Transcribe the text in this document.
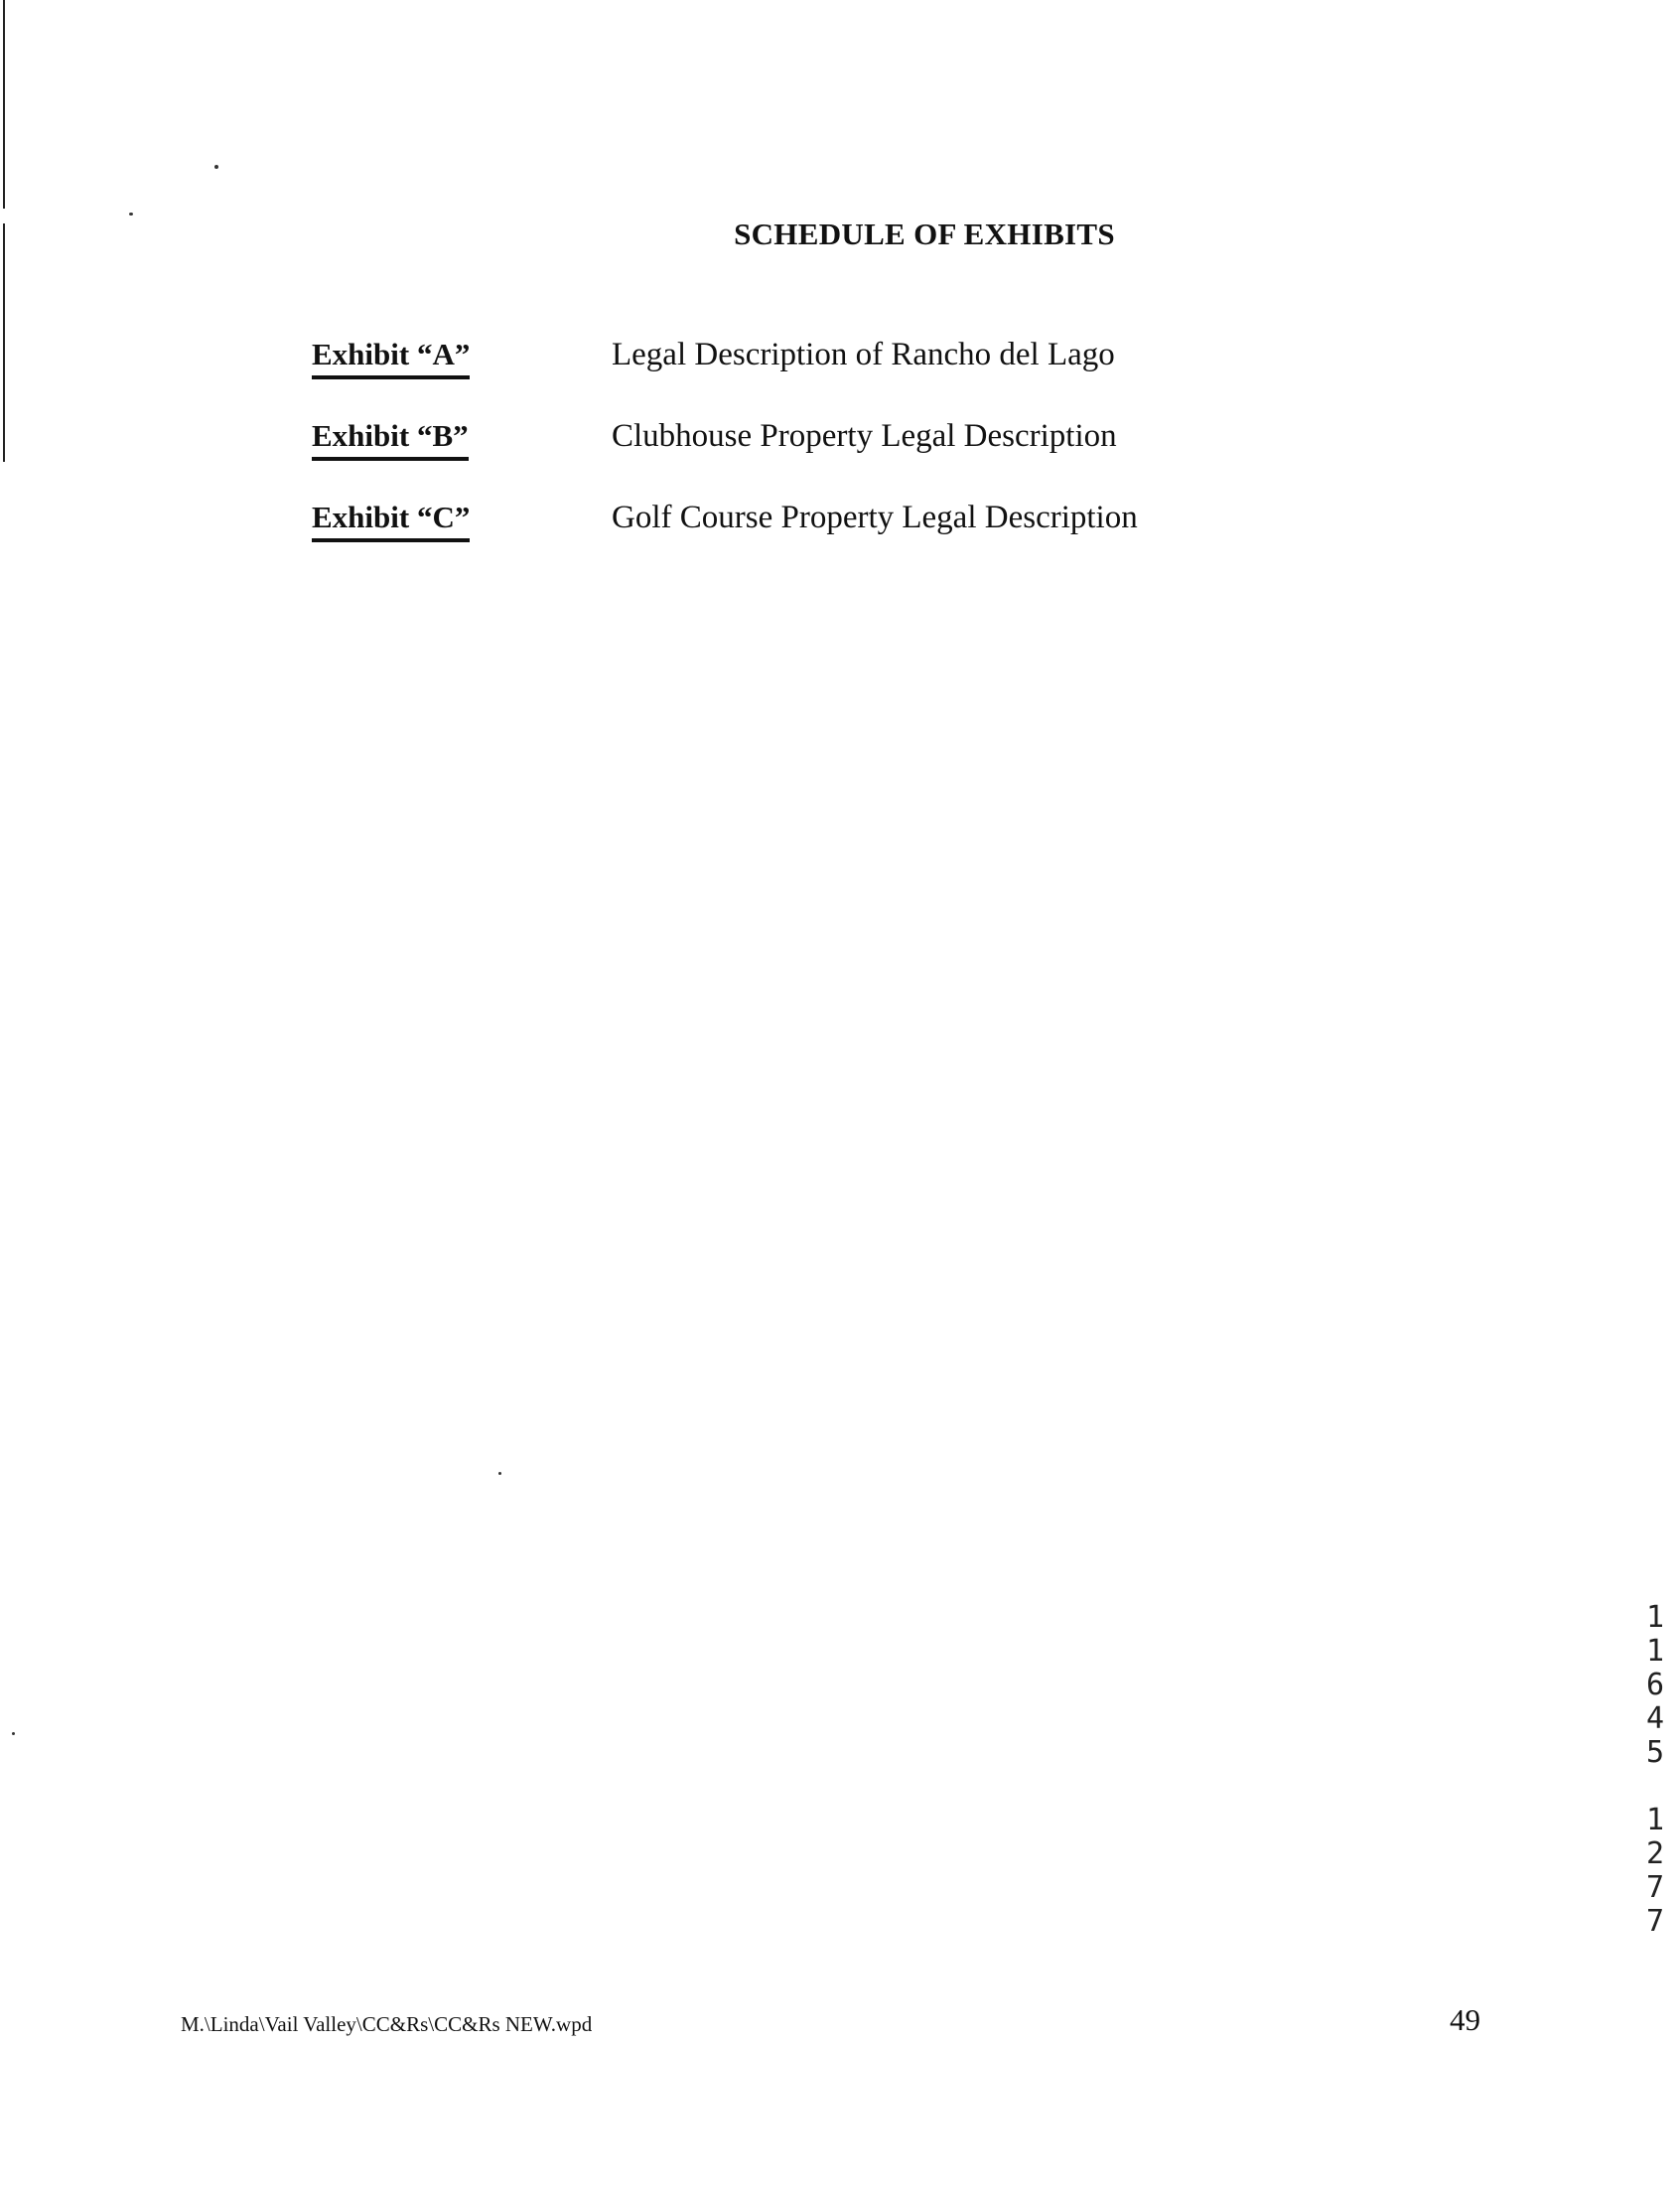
SCHEDULE OF EXHIBITS
Exhibit “A”	Legal Description of Rancho del Lago
Exhibit “B”	Clubhouse Property Legal Description
Exhibit “C”	Golf Course Property Legal Description
1
1
6
4
5
1
2
7
7
M.\Linda\Vail Valley\CC&Rs\CC&Rs NEW.wpd	49
